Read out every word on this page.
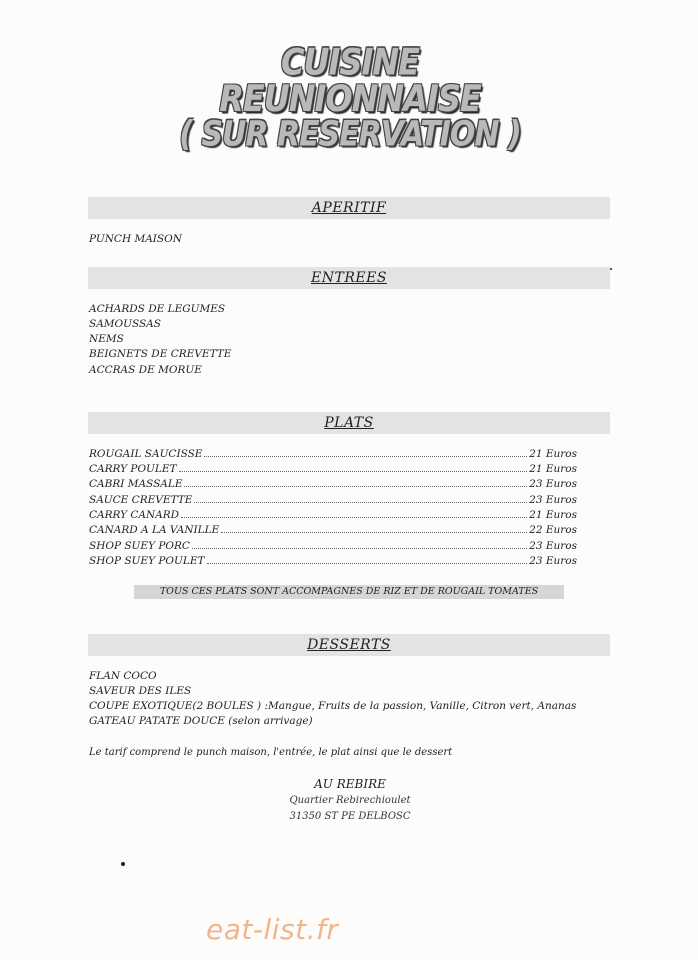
CUISINE REUNIONNAISE
( SUR RESERVATION )
APERITIF
PUNCH MAISON
ENTREES
ACHARDS DE LEGUMES
SAMOUSSAS
NEMS
BEIGNETS DE CREVETTE
ACCRAS DE MORUE
PLATS
ROUGAIL SAUCISSE	21 Euros
CARRY POULET	21 Euros
CABRI MASSALE	23 Euros
SAUCE CREVETTE	23 Euros
CARRY CANARD	21 Euros
CANARD A LA VANILLE	22 Euros
SHOP SUEY PORC	23 Euros
SHOP SUEY POULET	23 Euros
TOUS CES PLATS SONT ACCOMPAGNES DE RIZ ET DE ROUGAIL TOMATES
DESSERTS
FLAN COCO
SAVEUR DES ILES
COUPE EXOTIQUE(2 BOULES ) :Mangue, Fruits de la passion, Vanille, Citron vert, Ananas
GATEAU PATATE DOUCE (selon arrivage)
Le tarif comprend le punch maison, l'entrée, le plat ainsi que le dessert
AU REBIRE
Quartier Rebirechioulet
31350 ST PE DELBOSC
eat-list.fr
